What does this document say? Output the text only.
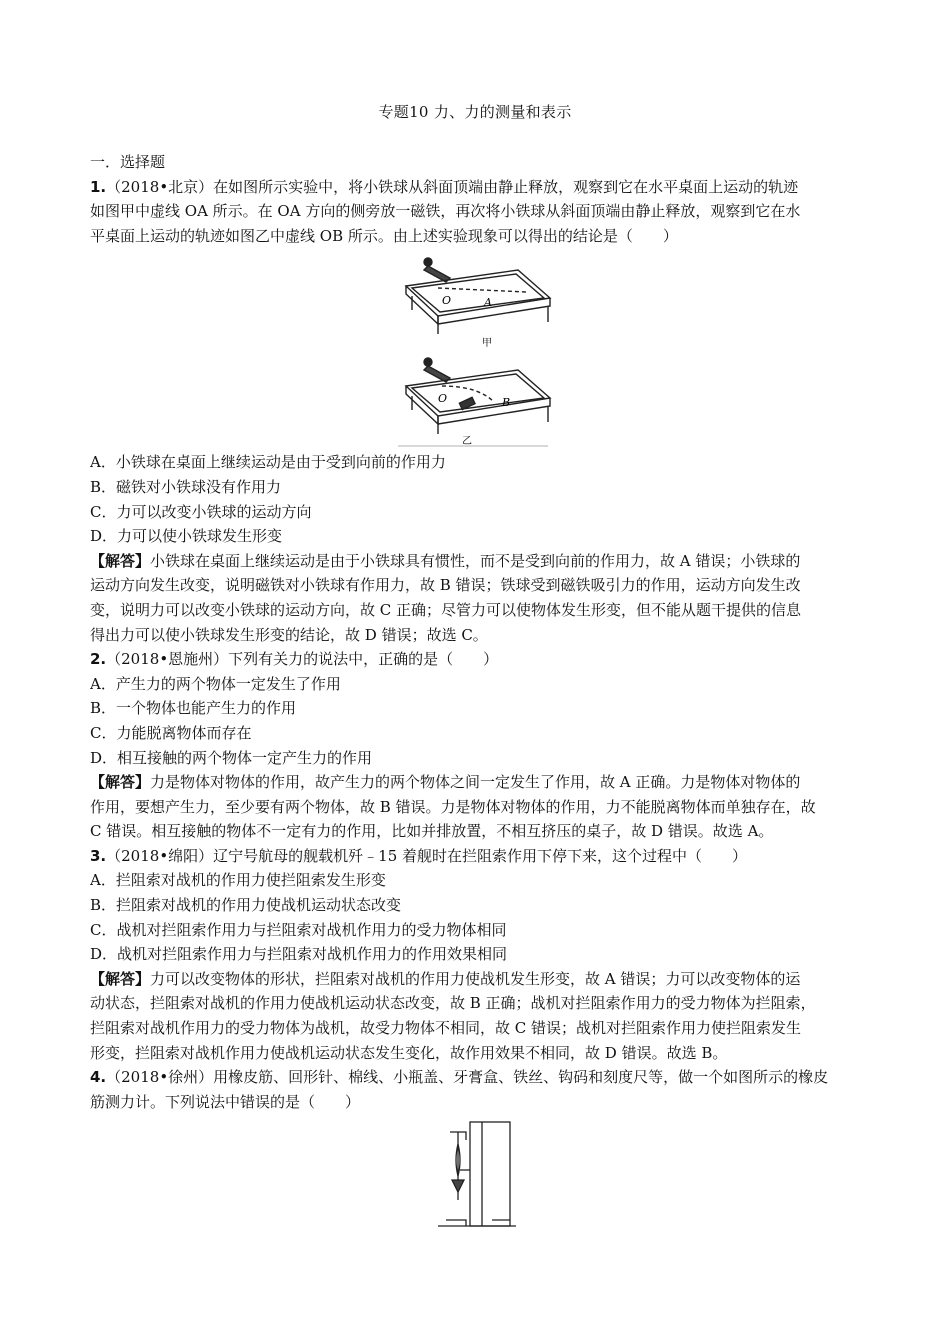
专题10 力、力的测量和表示
一．选择题
1.（2018•北京）在如图所示实验中，将小铁球从斜面顶端由静止释放，观察到它在水平桌面上运动的轨迹
如图甲中虚线 OA 所示。在 OA 方向的侧旁放一磁铁，再次将小铁球从斜面顶端由静止释放，观察到它在水
平桌面上运动的轨迹如图乙中虚线 OB 所示。由上述实验现象可以得出的结论是（　　）
O	A
甲
O	B
乙
A．小铁球在桌面上继续运动是由于受到向前的作用力
B．磁铁对小铁球没有作用力
C．力可以改变小铁球的运动方向
D．力可以使小铁球发生形变
【解答】小铁球在桌面上继续运动是由于小铁球具有惯性，而不是受到向前的作用力，故 A 错误；小铁球的
运动方向发生改变，说明磁铁对小铁球有作用力，故 B 错误；铁球受到磁铁吸引力的作用，运动方向发生改
变，说明力可以改变小铁球的运动方向，故 C 正确；尽管力可以使物体发生形变，但不能从题干提供的信息
得出力可以使小铁球发生形变的结论，故 D 错误；故选 C。
2.（2018•恩施州）下列有关力的说法中，正确的是（　　）
A．产生力的两个物体一定发生了作用
B．一个物体也能产生力的作用
C．力能脱离物体而存在
D．相互接触的两个物体一定产生力的作用
【解答】力是物体对物体的作用，故产生力的两个物体之间一定发生了作用，故 A 正确。力是物体对物体的
作用，要想产生力，至少要有两个物体，故 B 错误。力是物体对物体的作用，力不能脱离物体而单独存在，故
C 错误。相互接触的物体不一定有力的作用，比如并排放置，不相互挤压的桌子，故 D 错误。故选 A。
3.（2018•绵阳）辽宁号航母的舰载机歼﹣15 着舰时在拦阻索作用下停下来，这个过程中（　　）
A．拦阻索对战机的作用力使拦阻索发生形变
B．拦阻索对战机的作用力使战机运动状态改变
C．战机对拦阻索作用力与拦阻索对战机作用力的受力物体相同
D．战机对拦阻索作用力与拦阻索对战机作用力的作用效果相同
【解答】力可以改变物体的形状，拦阻索对战机的作用力使战机发生形变，故 A 错误；力可以改变物体的运
动状态，拦阻索对战机的作用力使战机运动状态改变，故 B 正确；战机对拦阻索作用力的受力物体为拦阻索，
拦阻索对战机作用力的受力物体为战机，故受力物体不相同，故 C 错误；战机对拦阻索作用力使拦阻索发生
形变，拦阻索对战机作用力使战机运动状态发生变化，故作用效果不相同，故 D 错误。故选 B。
4.（2018•徐州）用橡皮筋、回形针、棉线、小瓶盖、牙膏盒、铁丝、钩码和刻度尺等，做一个如图所示的橡皮
筋测力计。下列说法中错误的是（　　）
